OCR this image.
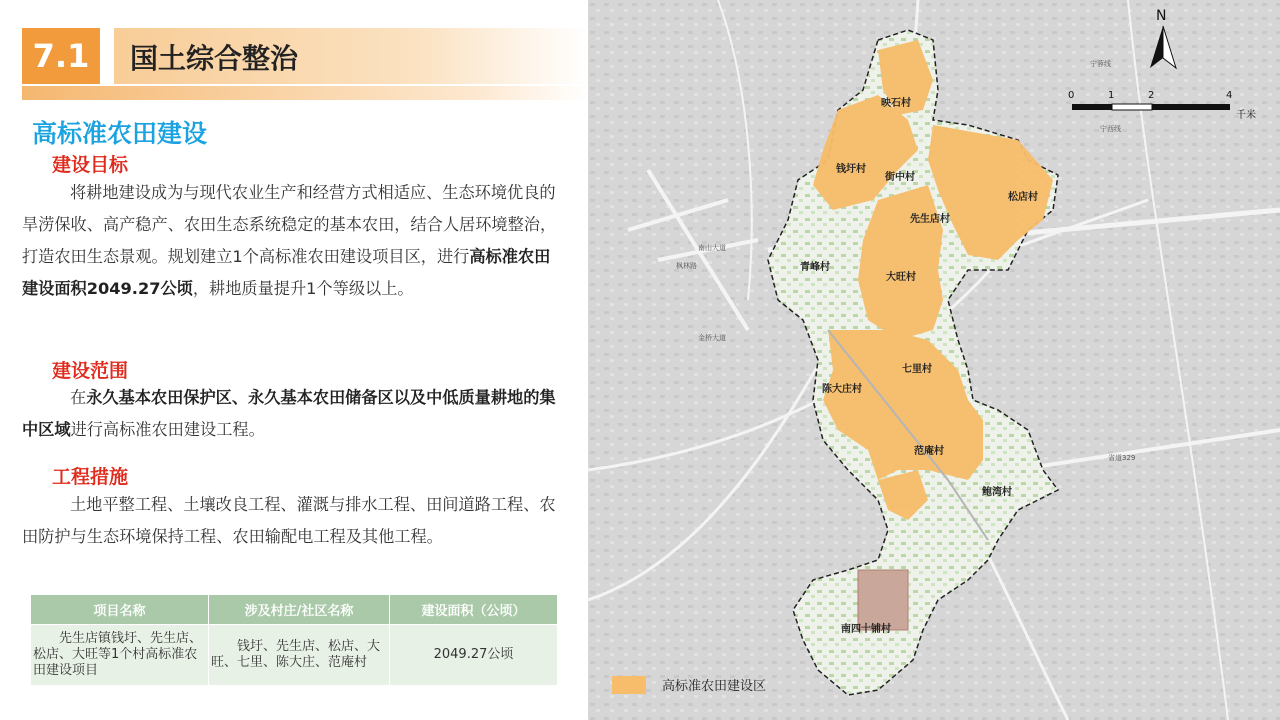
7.1	国土综合整治
高标准农田建设
建设目标
将耕地建设成为与现代农业生产和经营方式相适应、生态环境优良的旱涝保收、高产稳产、农田生态系统稳定的基本农田，结合人居环境整治，打造农田生态景观。规划建立1个高标准农田建设项目区，进行高标准农田建设面积2049.27公顷，耕地质量提升1个等级以上。
建设范围
在永久基本农田保护区、永久基本农田储备区以及中低质量耕地的集中区域进行高标准农田建设工程。
工程措施
土地平整工程、土壤改良工程、灌溉与排水工程、田间道路工程、农田防护与生态环境保持工程、农田输配电工程及其他工程。
项目名称	涉及村庄/社区名称	建设面积（公顷）
先生店镇钱圩、先生店、松店、大旺等1个村高标准农田建设项目	钱圩、先生店、松店、大旺、七里、陈大庄、范庵村	2049.27公顷
映石村
钱圩村
街中村
松店村
先生店村
青峰村
大旺村
七里村
陈大庄村
范庵村
鲍湾村
南四十铺村
宁蓉线
宁西线
省道329
金桥大道
南山大道
枫林路
N
0	1	2	4
千米
高标准农田建设区
